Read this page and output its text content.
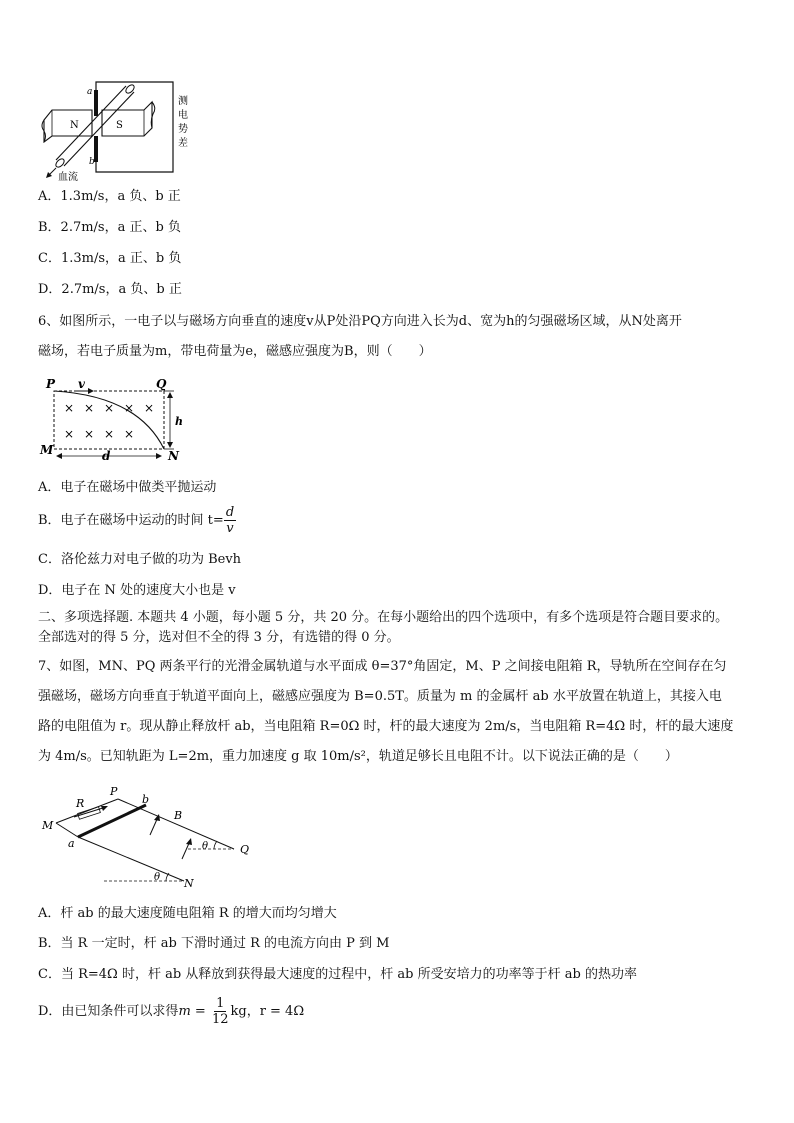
N	S
a
b
血流
测
电
势
差
A．1.3m/s，a 负、b 正
B．2.7m/s，a 正、b 负
C．1.3m/s，a 正、b 负
D．2.7m/s，a 负、b 正
6、如图所示，一电子以与磁场方向垂直的速度v从P处沿PQ方向进入长为d、宽为h的匀强磁场区域，从N处离开
磁场，若电子质量为m，带电荷量为e，磁感应强度为B，则（　　）
× × × × ×
× × × ×
P v	Q
h
M	d	N
A．电子在磁场中做类平抛运动
B．电子在磁场中运动的时间 $t= \frac{d}{v}$
C．洛伦兹力对电子做的功为 Bevh
D．电子在 N 处的速度大小也是 v
二、多项选择题. 本题共 4 小题，每小题 5 分，共 20 分。在每小题给出的四个选项中，有多个选项是符合题目要求的。
全部选对的得 5 分，选对但不全的得 3 分，有选错的得 0 分。
7、如图，MN、PQ 两条平行的光滑金属轨道与水平面成 θ=37°角固定，M、P 之间接电阻箱 R，导轨所在空间存在匀
强磁场，磁场方向垂直于轨道平面向上，磁感应强度为 B=0.5T。质量为 m 的金属杆 ab 水平放置在轨道上，其接入电
路的电阻值为 r。现从静止释放杆 ab，当电阻箱 R=0Ω 时，杆的最大速度为 2m/s，当电阻箱 R=4Ω 时，杆的最大速度
为 4m/s。已知轨距为 L=2m，重力加速度 g 取 10m/s²，轨道足够长且电阻不计。以下说法正确的是（　　）
R
P
b
B
M
a	θ	Q
θ N
A．杆 ab 的最大速度随电阻箱 R 的增大而均匀增大
B．当 R 一定时，杆 ab 下滑时通过 R 的电流方向由 P 到 M
C．当 R=4Ω 时，杆 ab 从释放到获得最大速度的过程中，杆 ab 所受安培力的功率等于杆 ab 的热功率
D．由已知条件可以求得$m = \frac{1}{12}$ kg，r = 4Ω
